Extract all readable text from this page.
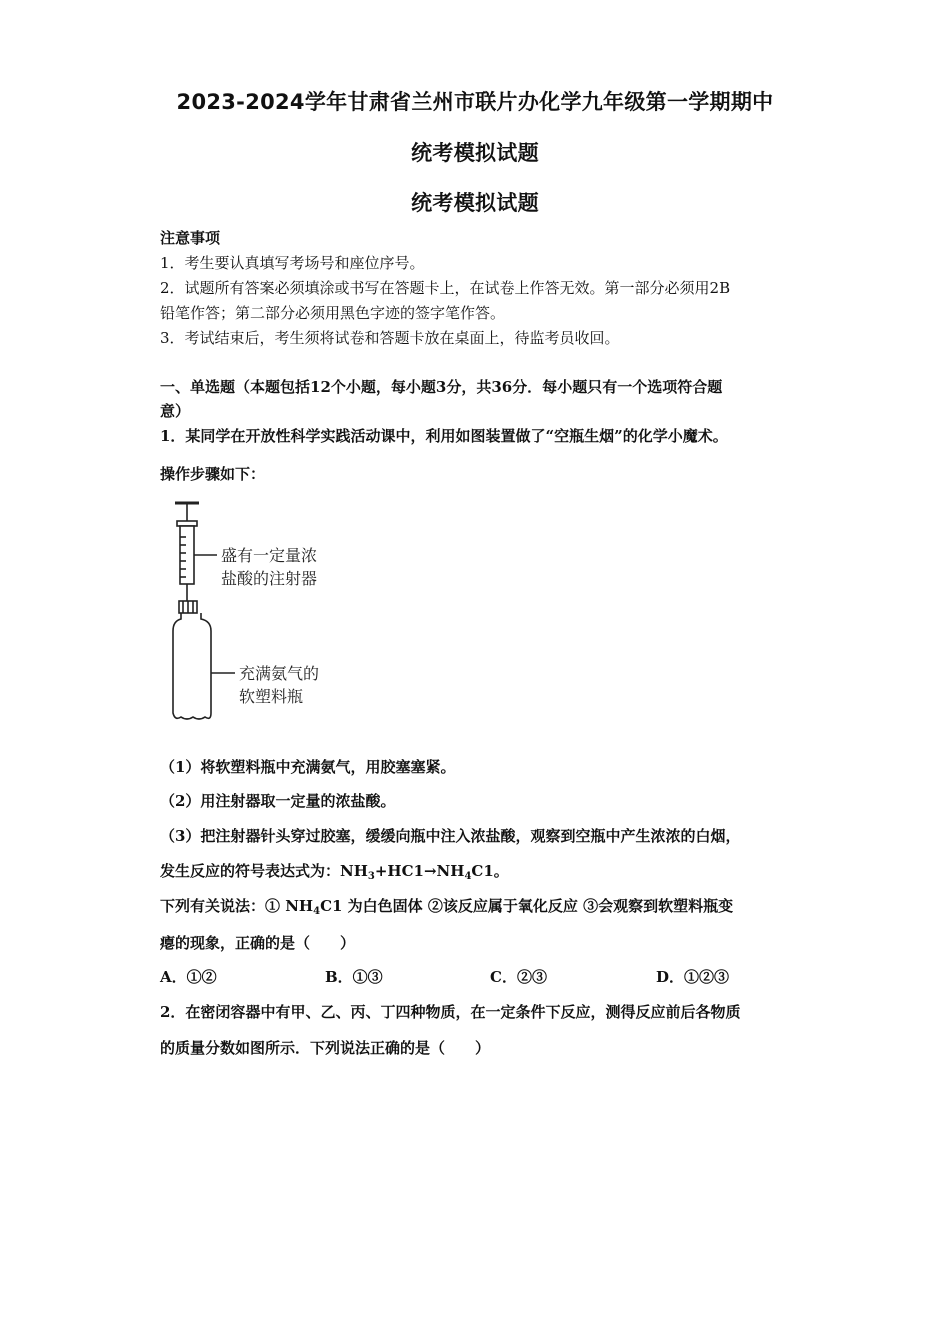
2023-2024学年甘肃省兰州市联片办化学九年级第一学期期中
统考模拟试题
统考模拟试题
注意事项
1．考生要认真填写考场号和座位序号。
2．试题所有答案必须填涂或书写在答题卡上，在试卷上作答无效。第一部分必须用2B
铅笔作答；第二部分必须用黑色字迹的签字笔作答。
3．考试结束后，考生须将试卷和答题卡放在桌面上，待监考员收回。
一、单选题（本题包括12个小题，每小题3分，共36分．每小题只有一个选项符合题
意）
1．某同学在开放性科学实践活动课中，利用如图装置做了“空瓶生烟”的化学小魔术。
操作步骤如下：
盛有一定量浓
盐酸的注射器
充满氨气的
软塑料瓶
（1）将软塑料瓶中充满氨气，用胶塞塞紧。
（2）用注射器取一定量的浓盐酸。
（3）把注射器针头穿过胶塞，缓缓向瓶中注入浓盐酸，观察到空瓶中产生浓浓的白烟，
发生反应的符号表达式为：$NH_3+HC1\to NH_4C1$。
下列有关说法：① $NH_4C1$ 为白色固体 ②该反应属于氧化反应 ③会观察到软塑料瓶变
瘪的现象，正确的是（　　）
A．①②	B．①③	C．②③	D．①②③
2．在密闭容器中有甲、乙、丙、丁四种物质，在一定条件下反应，测得反应前后各物质
的质量分数如图所示．下列说法正确的是（　　）
